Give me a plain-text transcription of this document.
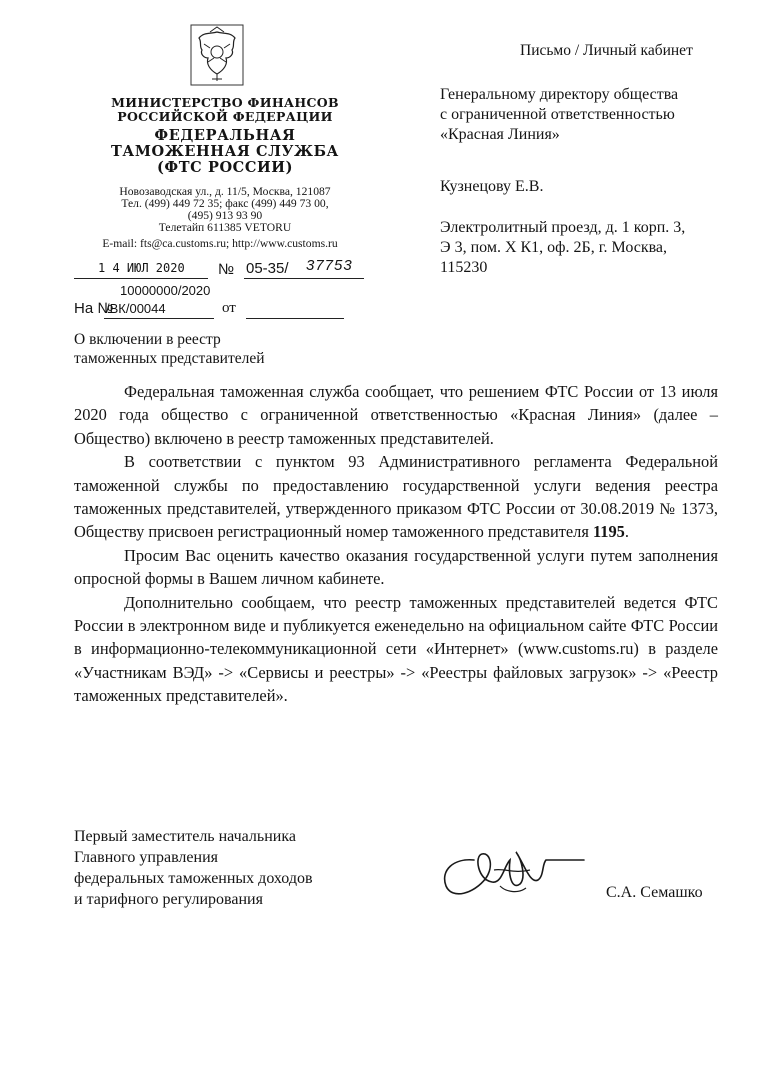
МИНИСТЕРСТВО ФИНАНСОВ
РОССИЙСКОЙ ФЕДЕРАЦИИ
ФЕДЕРАЛЬНАЯ
ТАМОЖЕННАЯ СЛУЖБА
(ФТС РОССИИ)
Новозаводская ул., д. 11/5, Москва, 121087
Тел. (499) 449 72 35; факс (499) 449 73 00,
(495) 913 93 90
Телетайп 611385 VETORU
E-mail: fts@ca.customs.ru; http://www.customs.ru
1 4 ИЮЛ 2020 № 05-35/ 37753
10000000/2020
На №
/ВК/00044	от
О включении в реестр
таможенных представителей
Письмо / Личный кабинет
Генеральному директору общества
с ограниченной ответственностью
«Красная Линия»
Кузнецову Е.В.
Электролитный проезд, д. 1 корп. 3,
Э 3, пом. Х К1, оф. 2Б, г. Москва,
115230

Федеральная таможенная служба сообщает, что решением ФТС России от 13 июля 2020 года общество с ограниченной ответственностью «Красная Линия» (далее – Общество) включено в реестр таможенных представителей.

В соответствии с пунктом 93 Административного регламента Федеральной таможенной службы по предоставлению государственной услуги ведения реестра таможенных представителей, утвержденного приказом ФТС России от 30.08.2019 № 1373, Обществу присвоен регистрационный номер таможенного представителя 1195.

Просим Вас оценить качество оказания государственной услуги путем заполнения опросной формы в Вашем личном кабинете.

Дополнительно сообщаем, что реестр таможенных представителей ведется ФТС России в электронном виде и публикуется еженедельно на официальном сайте ФТС России в информационно-телекоммуникационной сети «Интернет» (www.customs.ru) в разделе «Участникам ВЭД» -> «Сервисы и реестры» -> «Реестры файловых загрузок» -> «Реестр таможенных представителей».

Первый заместитель начальника
Главного управления
федеральных таможенных доходов
и тарифного регулирования	С.А. Семашко
